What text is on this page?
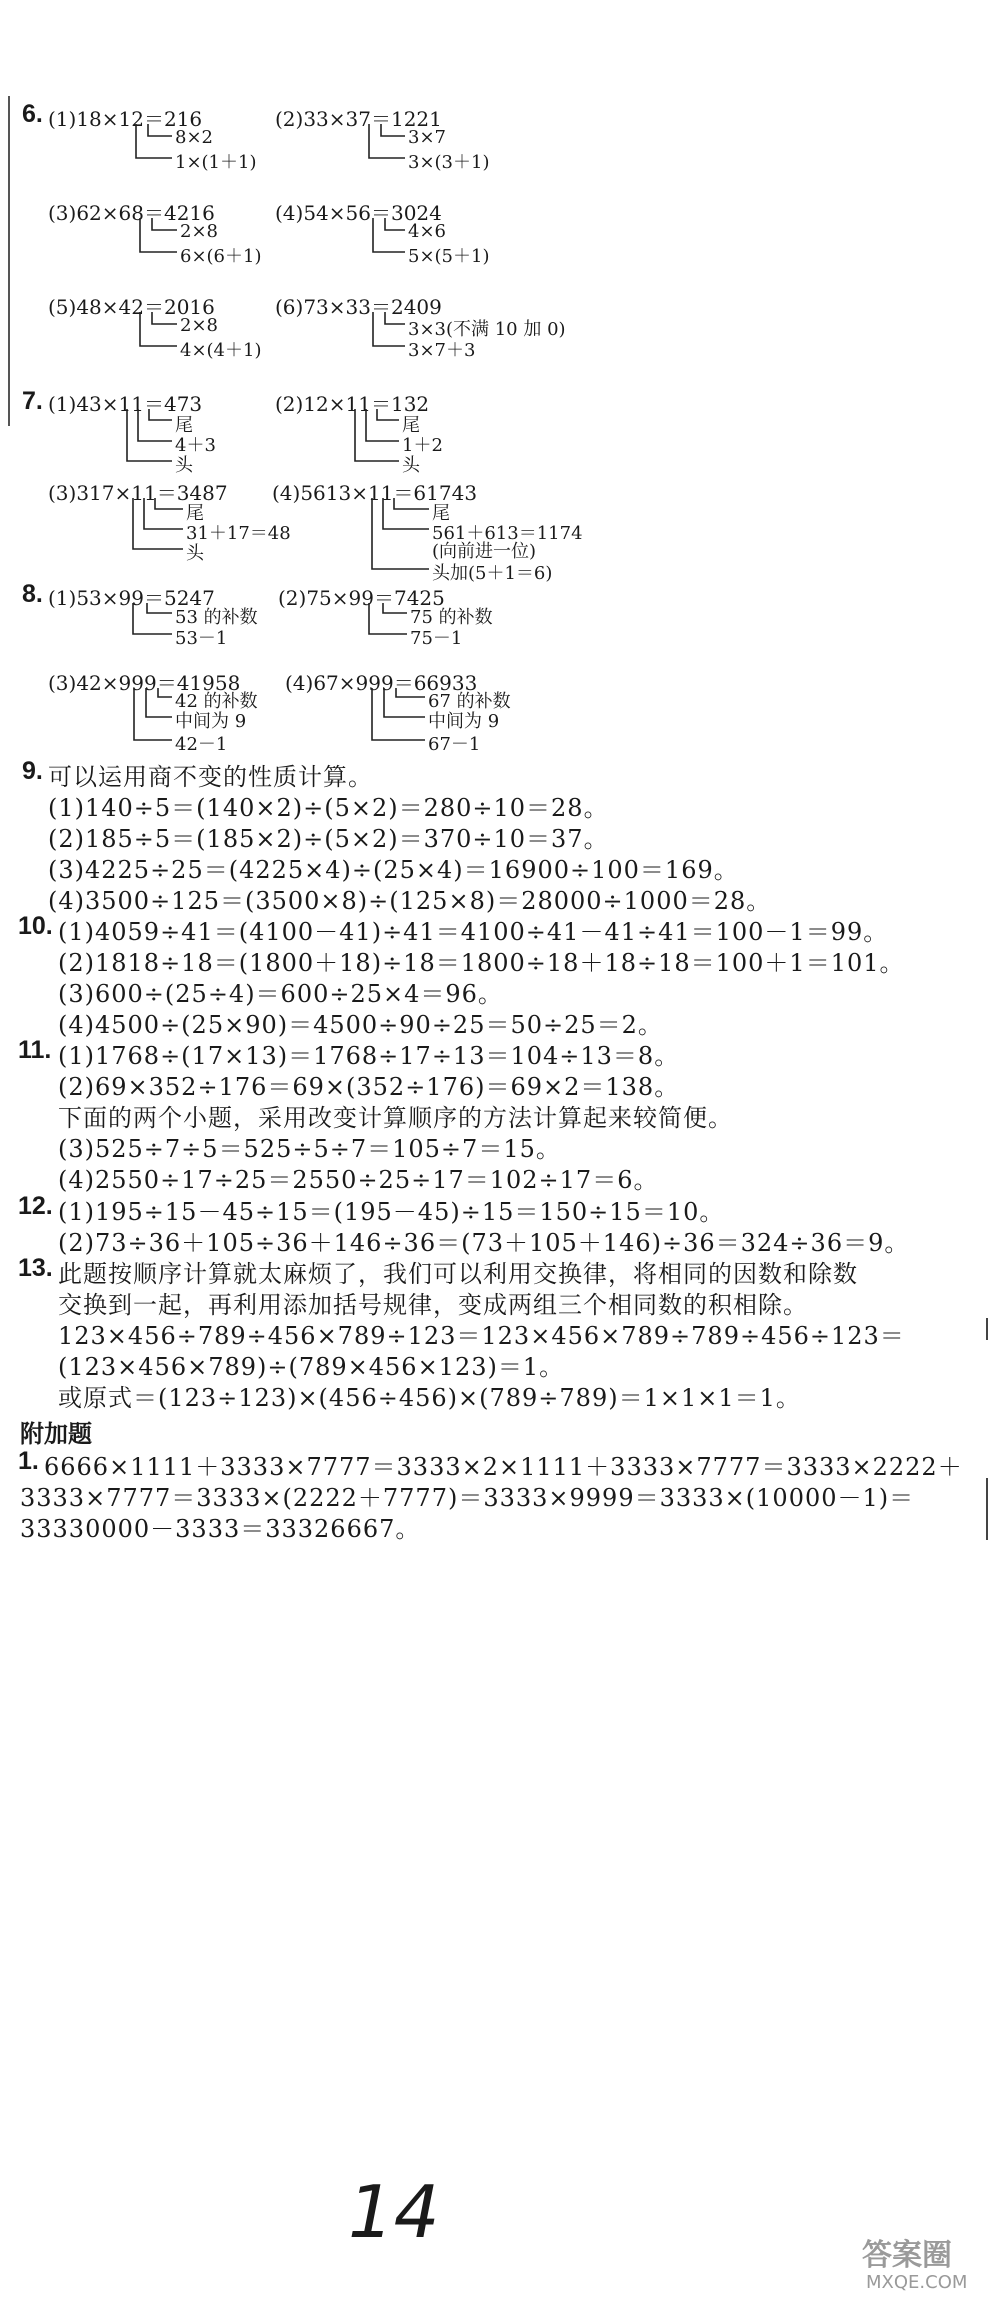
6. (1)18×12＝216
8×2
1×(1＋1)
(2)33×37＝1221
3×7
3×(3＋1)
(3)62×68＝4216
2×8
6×(6＋1)
(4)54×56＝3024
4×6
5×(5＋1)
(5)48×42＝2016
2×8
4×(4＋1)
(6)73×33＝2409
3×3(不满 10 加 0)
3×7＋3
7. (1)43×11＝473
尾
4＋3
头
(2)12×11＝132
尾
1＋2
头
(3)317×11＝3487
尾
31＋17＝48
头
(4)5613×11＝61743
尾
561＋613＝1174
(向前进一位)
头加(5＋1＝6)
8. (1)53×99＝5247
53 的补数
53－1
(2)75×99＝7425
75 的补数
75－1
(3)42×999＝41958
42 的补数
中间为 9
42－1
(4)67×999＝66933
67 的补数
中间为 9
67－1
9. 可以运用商不变的性质计算。
(1)140÷5＝(140×2)÷(5×2)＝280÷10＝28。
(2)185÷5＝(185×2)÷(5×2)＝370÷10＝37。
(3)4225÷25＝(4225×4)÷(25×4)＝16900÷100＝169。
(4)3500÷125＝(3500×8)÷(125×8)＝28000÷1000＝28。
10. (1)4059÷41＝(4100－41)÷41＝4100÷41－41÷41＝100－1＝99。
(2)1818÷18＝(1800＋18)÷18＝1800÷18＋18÷18＝100＋1＝101。
(3)600÷(25÷4)＝600÷25×4＝96。
(4)4500÷(25×90)＝4500÷90÷25＝50÷25＝2。
11. (1)1768÷(17×13)＝1768÷17÷13＝104÷13＝8。
(2)69×352÷176＝69×(352÷176)＝69×2＝138。
下面的两个小题，采用改变计算顺序的方法计算起来较简便。
(3)525÷7÷5＝525÷5÷7＝105÷7＝15。
(4)2550÷17÷25＝2550÷25÷17＝102÷17＝6。
12. (1)195÷15－45÷15＝(195－45)÷15＝150÷15＝10。
(2)73÷36＋105÷36＋146÷36＝(73＋105＋146)÷36＝324÷36＝9。
13. 此题按顺序计算就太麻烦了，我们可以利用交换律，将相同的因数和除数
交换到一起，再利用添加括号规律，变成两组三个相同数的积相除。
123×456÷789÷456×789÷123＝123×456×789÷789÷456÷123＝
(123×456×789)÷(789×456×123)＝1。
或原式＝(123÷123)×(456÷456)×(789÷789)＝1×1×1＝1。
附加题
1. 6666×1111＋3333×7777＝3333×2×1111＋3333×7777＝3333×2222＋
3333×7777＝3333×(2222＋7777)＝3333×9999＝3333×(10000－1)＝
33330000－3333＝33326667。
14
答案圈
MXQE.COM
